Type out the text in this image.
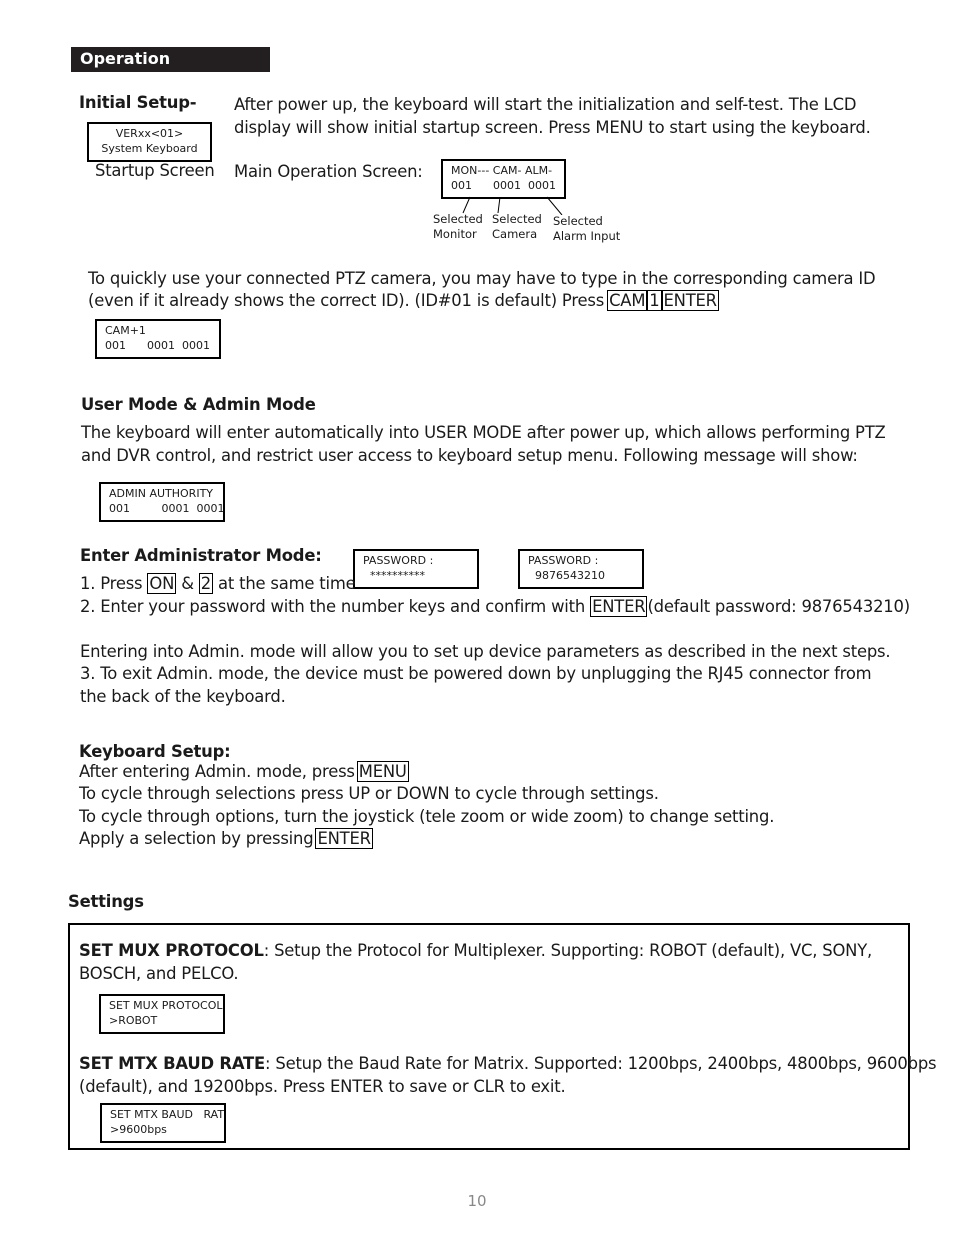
Operation
Initial Setup-
VERxx<01>
System Keyboard
Startup Screen
After power up, the keyboard will start the initialization and self-test. The LCD
display will show initial startup screen. Press MENU to start using the keyboard.
Main Operation Screen:	MON--- CAM- ALM-
001      0001  0001
Selected
Monitor
Selected
Camera
Selected
Alarm Input
To quickly use your connected PTZ camera, you may have to type in the corresponding camera ID
(even if it already shows the correct ID). (ID#01 is default) Press CAM 1 ENTER
CAM+1
001      0001  0001
User Mode & Admin Mode
The keyboard will enter automatically into USER MODE after power up, which allows performing PTZ
and DVR control, and restrict user access to keyboard setup menu. Following message will show:
ADMIN AUTHORITY
001         0001  0001
Enter Administrator Mode:	PASSWORD :
**********
PASSWORD :
9876543210
1. Press ON & 2 at the same time
2. Enter your password with the number keys and confirm with ENTER (default password: 9876543210)
Entering into Admin. mode will allow you to set up device parameters as described in the next steps.
3. To exit Admin. mode, the device must be powered down by unplugging the RJ45 connector from
the back of the keyboard.
Keyboard Setup:
After entering Admin. mode, press MENU
To cycle through selections press UP or DOWN to cycle through settings.
To cycle through options, turn the joystick (tele zoom or wide zoom) to change setting.
Apply a selection by pressing ENTER
Settings
SET MUX PROTOCOL: Setup the Protocol for Multiplexer. Supporting: ROBOT (default), VC, SONY,
BOSCH, and PELCO.
SET MUX PROTOCOL
>ROBOT
SET MTX BAUD RATE: Setup the Baud Rate for Matrix. Supported: 1200bps, 2400bps, 4800bps, 9600bps
(default), and 19200bps. Press ENTER to save or CLR to exit.
SET MTX BAUD   RAT
>9600bps
10
